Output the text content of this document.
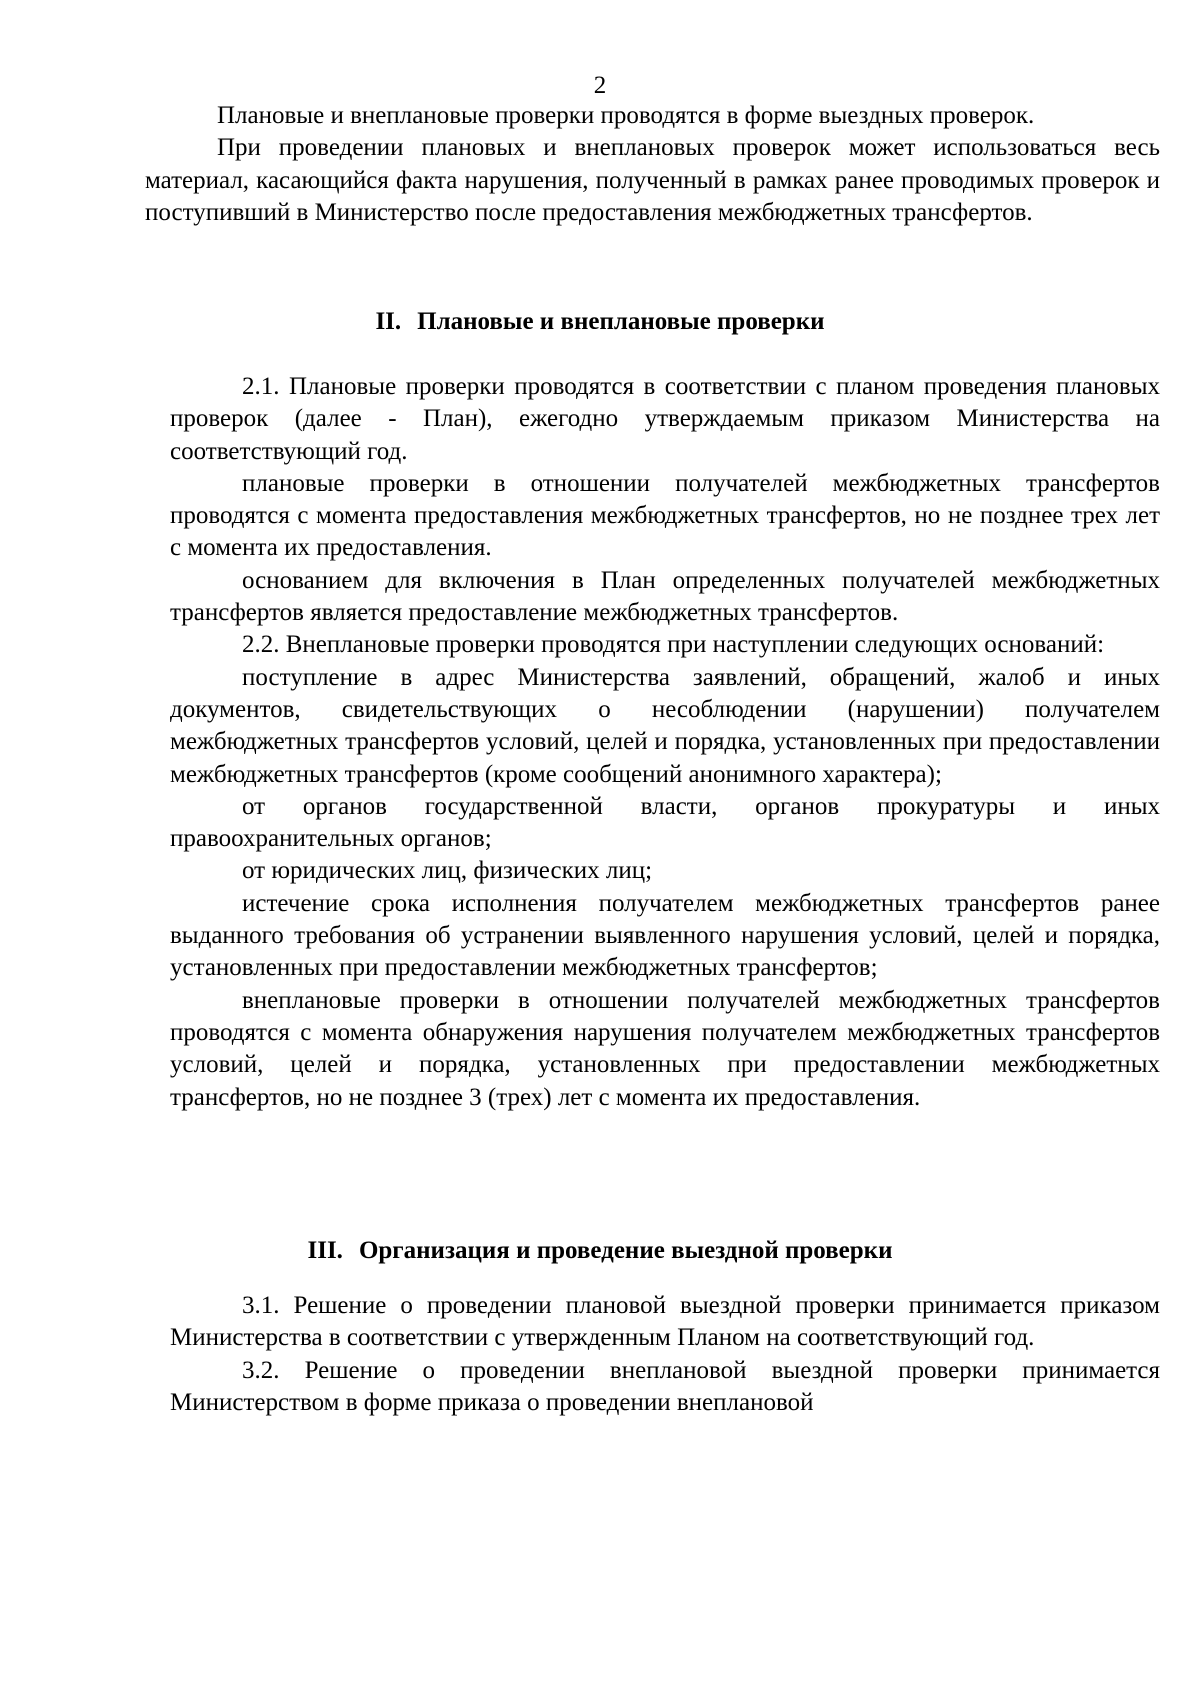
2

Плановые и внеплановые проверки проводятся в форме выездных проверок.

При проведении плановых и внеплановых проверок может использоваться весь материал, касающийся факта нарушения, полученный в рамках ранее проводимых проверок и поступивший в Министерство после предоставления межбюджетных трансфертов.

II. Плановые и внеплановые проверки

2.1. Плановые проверки проводятся в соответствии с планом проведения плановых проверок (далее - План), ежегодно утверждаемым приказом Министерства на соответствующий год.

плановые проверки в отношении получателей межбюджетных трансфертов проводятся с момента предоставления межбюджетных трансфертов, но не позднее трех лет с момента их предоставления.

основанием для включения в План определенных получателей межбюджетных трансфертов является предоставление межбюджетных трансфертов.

2.2. Внеплановые проверки проводятся при наступлении следующих оснований:

поступление в адрес Министерства заявлений, обращений, жалоб и иных документов, свидетельствующих о несоблюдении (нарушении) получателем межбюджетных трансфертов условий, целей и порядка, установленных при предоставлении межбюджетных трансфертов (кроме сообщений анонимного характера);

от органов государственной власти, органов прокуратуры и иных правоохранительных органов;

от юридических лиц, физических лиц;

истечение срока исполнения получателем межбюджетных трансфертов ранее выданного требования об устранении выявленного нарушения условий, целей и порядка, установленных при предоставлении межбюджетных трансфертов;

внеплановые проверки в отношении получателей межбюджетных трансфертов проводятся с момента обнаружения нарушения получателем межбюджетных трансфертов условий, целей и порядка, установленных при предоставлении межбюджетных трансфертов, но не позднее 3 (трех) лет с момента их предоставления.

III. Организация и проведение выездной проверки

3.1. Решение о проведении плановой выездной проверки принимается приказом Министерства в соответствии с утвержденным Планом на соответствующий год.

3.2. Решение о проведении внеплановой выездной проверки принимается Министерством в форме приказа о проведении внеплановой
